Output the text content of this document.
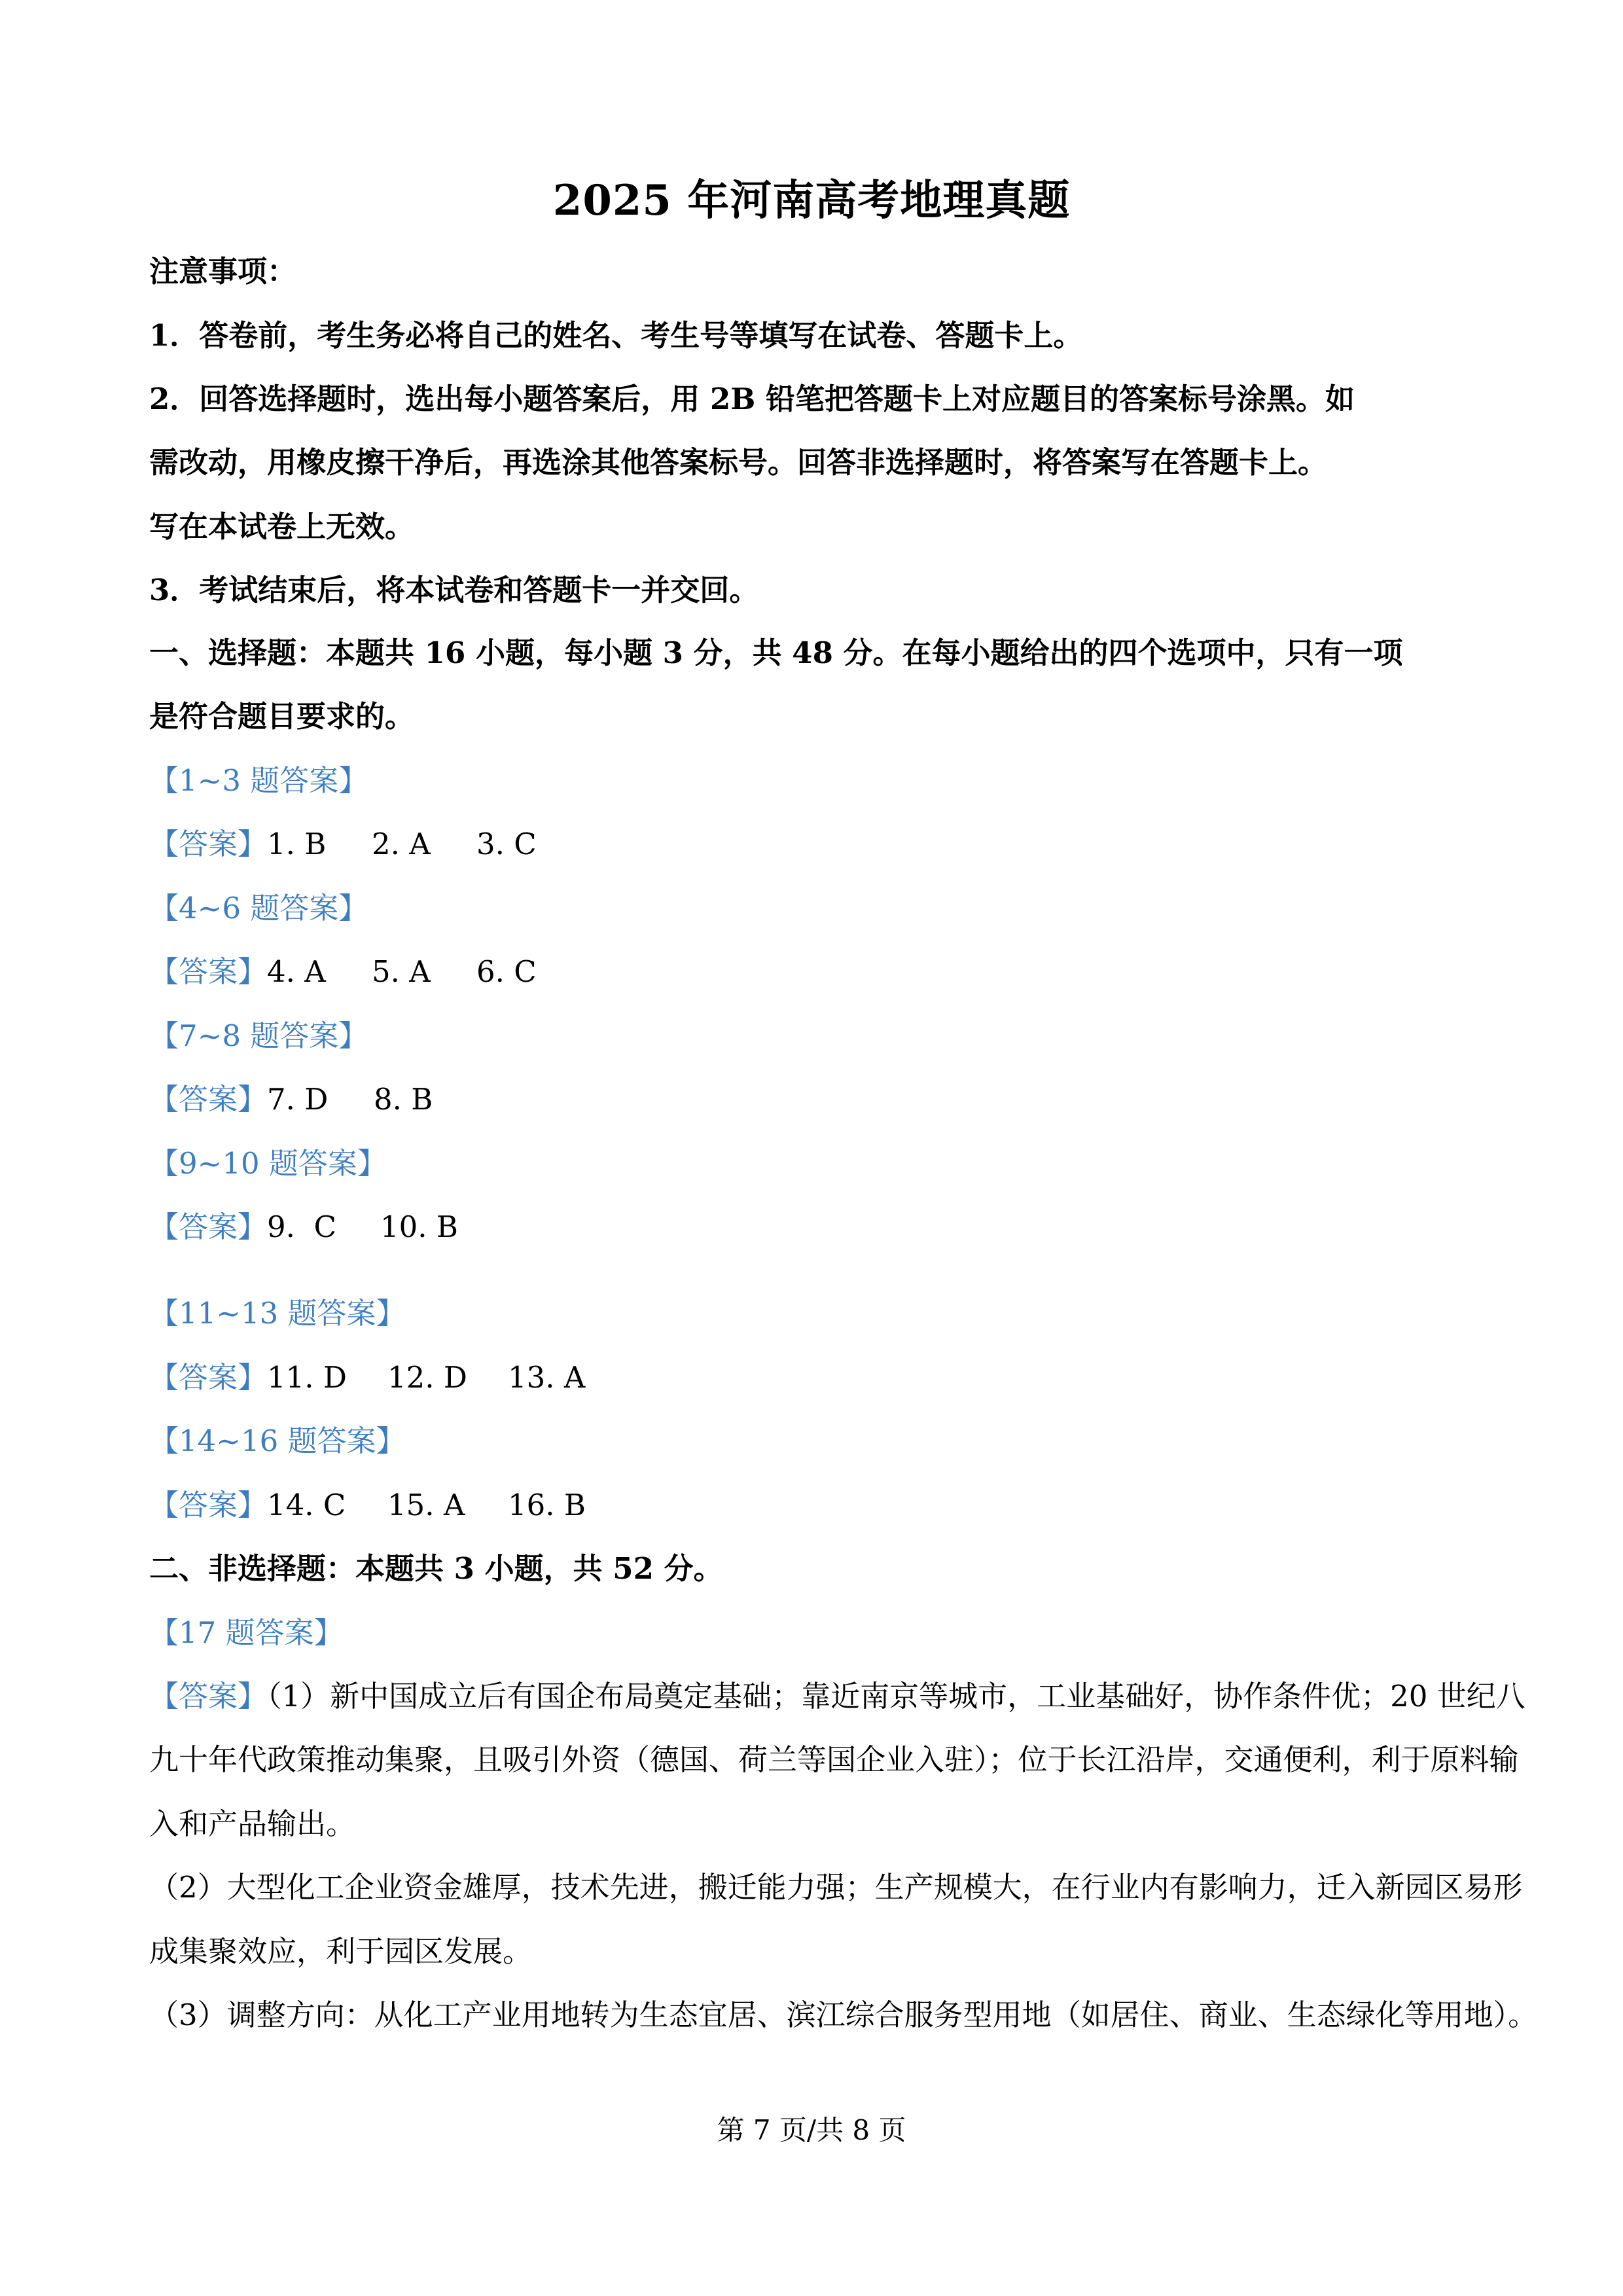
2025 年河南高考地理真题
注意事项：
1．答卷前，考生务必将自己的姓名、考生号等填写在试卷、答题卡上。
2．回答选择题时，选出每小题答案后，用 2B 铅笔把答题卡上对应题目的答案标号涂黑。如
需改动，用橡皮擦干净后，再选涂其他答案标号。回答非选择题时，将答案写在答题卡上。
写在本试卷上无效。
3．考试结束后，将本试卷和答题卡一并交回。
一、选择题：本题共 16 小题，每小题 3 分，共 48 分。在每小题给出的四个选项中，只有一项
是符合题目要求的。
【1~3 题答案】
【答案】1. B 2. A 3. C
【4~6 题答案】
【答案】4. A 5. A 6. C
【7~8 题答案】
【答案】7. D 8. B
【9~10 题答案】
【答案】9.  C 10. B
【11~13 题答案】
【答案】11. D 12. D 13. A
【14~16 题答案】
【答案】14. C 15. A 16. B
二、非选择题：本题共 3 小题，共 52 分。
【17 题答案】
【答案】（1）新中国成立后有国企布局奠定基础；靠近南京等城市，工业基础好，协作条件优；20 世纪八
九十年代政策推动集聚，且吸引外资（德国、荷兰等国企业入驻）；位于长江沿岸，交通便利，利于原料输
入和产品输出。
（2）大型化工企业资金雄厚，技术先进，搬迁能力强；生产规模大，在行业内有影响力，迁入新园区易形
成集聚效应，利于园区发展。
（3）调整方向：从化工产业用地转为生态宜居、滨江综合服务型用地（如居住、商业、生态绿化等用地）。
第 7 页/共 8 页
